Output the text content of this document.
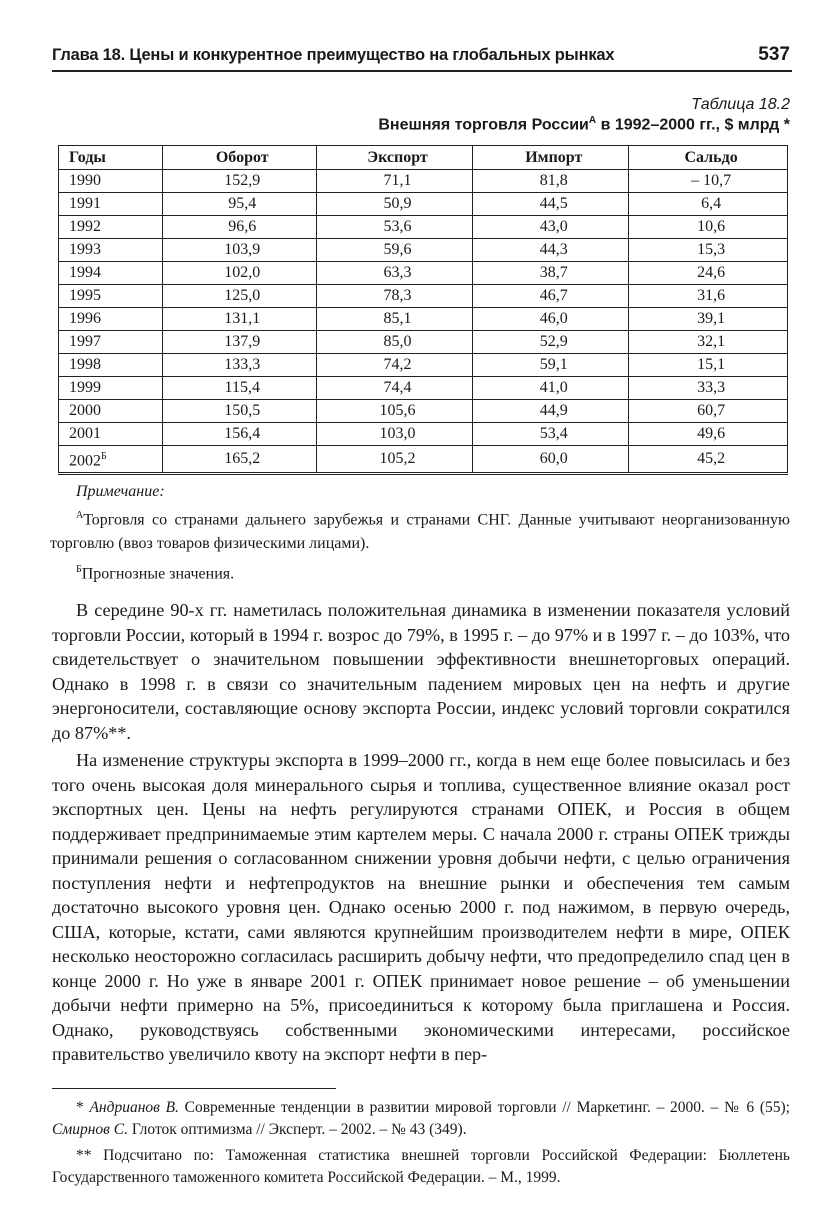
Глава 18. Цены и конкурентное преимущество на глобальных рынках	537
Таблица 18.2
Внешняя торговля России$^А$ в 1992–2000 гг., $ млрд *
Годы	Оборот	Экспорт	Импорт	Сальдо
1990	152,9	71,1	81,8	– 10,7
1991	95,4	50,9	44,5	6,4
1992	96,6	53,6	43,0	10,6
1993	103,9	59,6	44,3	15,3
1994	102,0	63,3	38,7	24,6
1995	125,0	78,3	46,7	31,6
1996	131,1	85,1	46,0	39,1
1997	137,9	85,0	52,9	32,1
1998	133,3	74,2	59,1	15,1
1999	115,4	74,4	41,0	33,3
2000	150,5	105,6	44,9	60,7
2001	156,4	103,0	53,4	49,6
$2002^Б$	165,2	105,2	60,0	45,2
Примечание:
$^А$Торговля со странами дальнего зарубежья и странами СНГ. Данные учитывают неорганизованную торговлю (ввоз товаров физическими лицами).
$^Б$Прогнозные значения.

В середине 90-х гг. наметилась положительная динамика в изменении показателя условий торговли России, который в 1994 г. возрос до 79%, в 1995 г. – до 97% и в 1997 г. – до 103%, что свидетельствует о значительном повышении эффективности внешнеторговых операций. Однако в 1998 г. в связи со значительным падением мировых цен на нефть и другие энергоносители, составляющие основу экспорта России, индекс условий торговли сократился до 87%**.

На изменение структуры экспорта в 1999–2000 гг., когда в нем еще более повысилась и без того очень высокая доля минерального сырья и топлива, существенное влияние оказал рост экспортных цен. Цены на нефть регулируются странами ОПЕК, и Россия в общем поддерживает предпринимаемые этим картелем меры. С начала 2000 г. страны ОПЕК трижды принимали решения о согласованном снижении уровня добычи нефти, с целью ограничения поступления нефти и нефтепродуктов на внешние рынки и обеспечения тем самым достаточно высокого уровня цен. Однако осенью 2000 г. под нажимом, в первую очередь, США, которые, кстати, сами являются крупнейшим производителем нефти в мире, ОПЕК несколько неосторожно согласилась расширить добычу нефти, что предопределило спад цен в конце 2000 г. Но уже в январе 2001 г. ОПЕК принимает новое решение – об уменьшении добычи нефти примерно на 5%, присоединиться к которому была приглашена и Россия. Однако, руководствуясь собственными экономическими интересами, российское правительство увеличило квоту на экспорт нефти в пер-

* Андрианов В. Современные тенденции в развитии мировой торговли // Маркетинг. – 2000. – № 6 (55); Смирнов С. Глоток оптимизма // Эксперт. – 2002. – № 43 (349).

** Подсчитано по: Таможенная статистика внешней торговли Российской Федерации: Бюллетень Государственного таможенного комитета Российской Федерации. – М., 1999.
